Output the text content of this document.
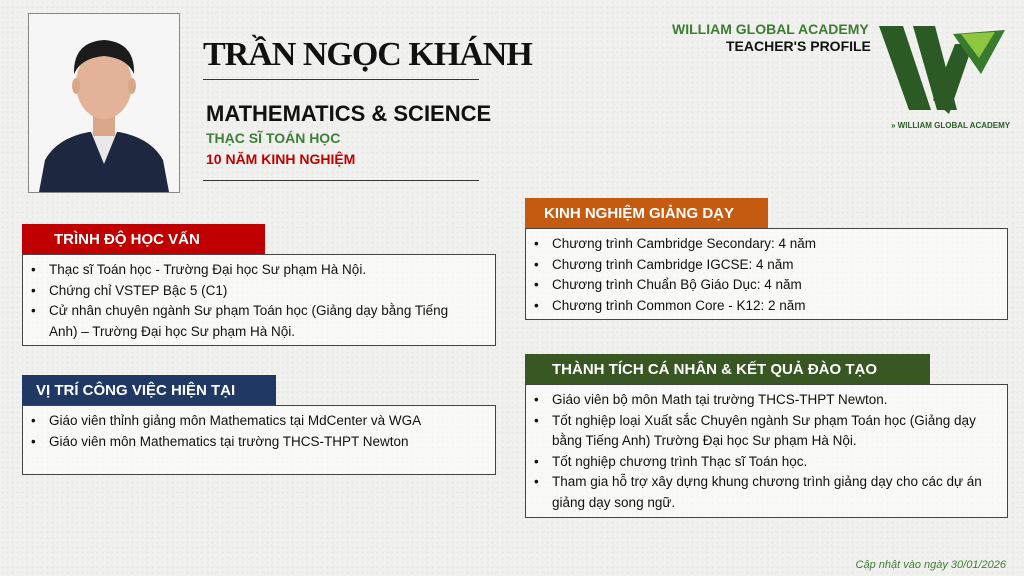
TRẦN NGỌC KHÁNH
MATHEMATICS & SCIENCE
THẠC SĨ TOÁN HỌC
10 NĂM KINH NGHIỆM
WILLIAM GLOBAL ACADEMY
TEACHER'S PROFILE
» WILLIAM GLOBAL ACADEMY
TRÌNH ĐỘ HỌC VẤN
• Thạc sĩ Toán học - Trường Đại học Sư phạm Hà Nội.
• Chứng chỉ VSTEP Bậc 5 (C1)
• Cử nhân chuyên ngành Sư phạm Toán học (Giảng dạy bằng Tiếng Anh) – Trường Đại học Sư phạm Hà Nội.
VỊ TRÍ CÔNG VIỆC HIỆN TẠI
• Giáo viên thỉnh giảng môn Mathematics tại MdCenter và WGA
• Giáo viên môn Mathematics tại trường THCS-THPT Newton
KINH NGHIỆM GIẢNG DẠY
• Chương trình Cambridge Secondary: 4 năm
• Chương trình Cambridge IGCSE: 4 năm
• Chương trình Chuẩn Bộ Giáo Dục: 4 năm
• Chương trình Common Core - K12: 2 năm
THÀNH TÍCH CÁ NHÂN & KẾT QUẢ ĐÀO TẠO
• Giáo viên bộ môn Math tại trường THCS-THPT Newton.
• Tốt nghiệp loại Xuất sắc Chuyên ngành Sư phạm Toán học (Giảng dạy bằng Tiếng Anh) Trường Đại học Sư phạm Hà Nội.
• Tốt nghiệp chương trình Thạc sĩ Toán học.
• Tham gia hỗ trợ xây dựng khung chương trình giảng dạy cho các dự án giảng dạy song ngữ.
Cập nhật vào ngày 30/01/2026
